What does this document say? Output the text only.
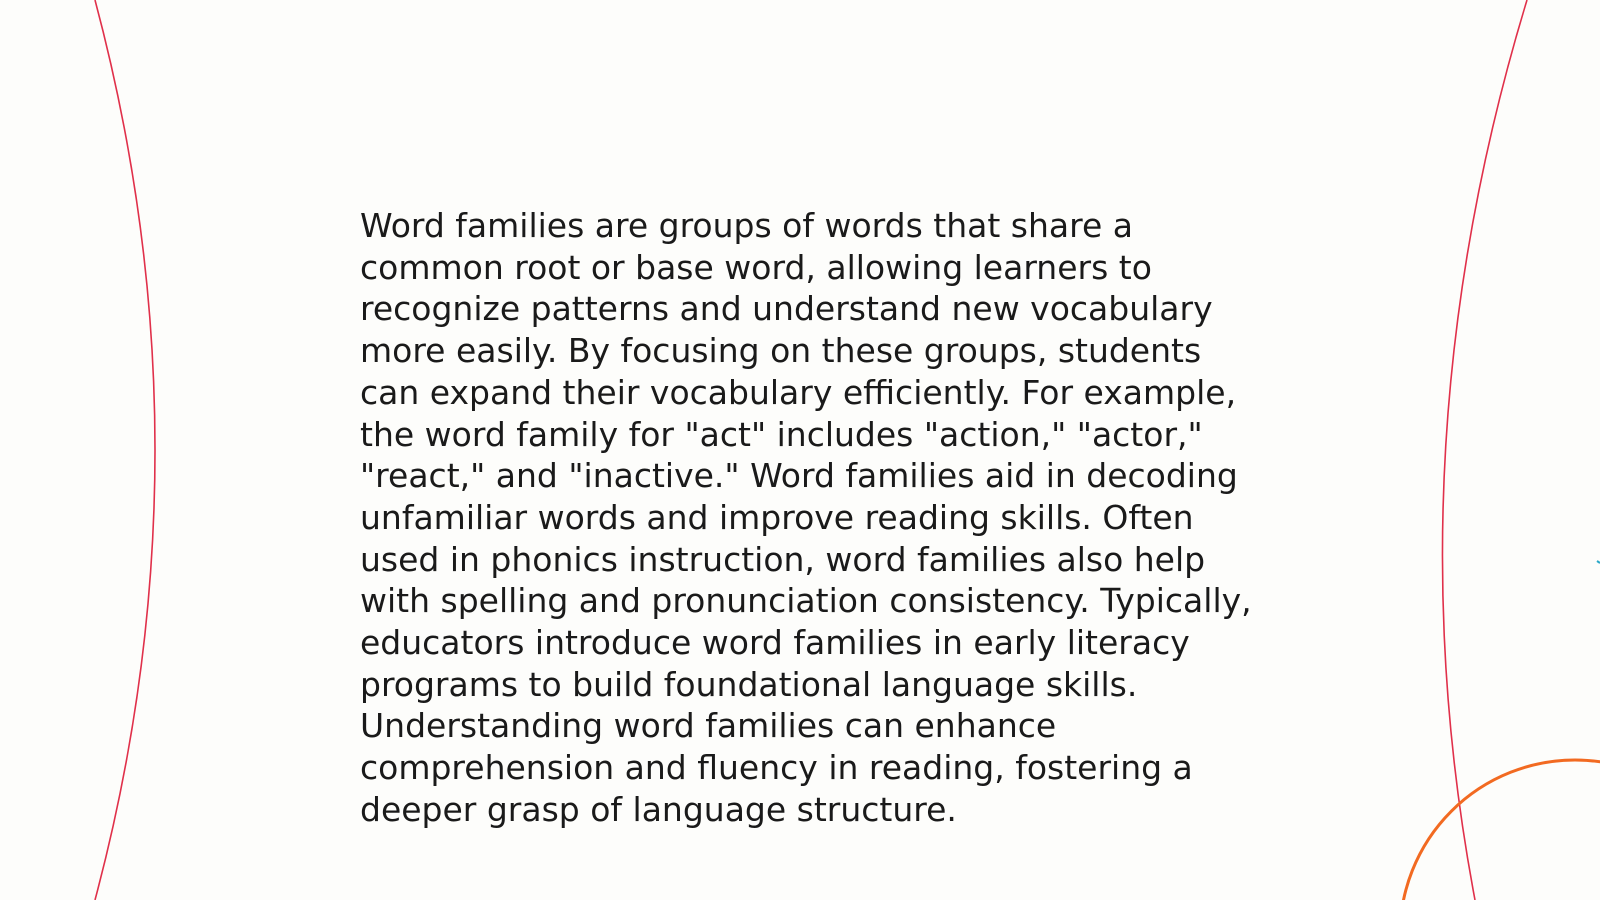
Word families are groups of words that share a
common root or base word, allowing learners to
recognize patterns and understand new vocabulary
more easily. By focusing on these groups, students
can expand their vocabulary efficiently. For example,
the word family for "act" includes "action," "actor,"
"react," and "inactive." Word families aid in decoding
unfamiliar words and improve reading skills. Often
used in phonics instruction, word families also help
with spelling and pronunciation consistency. Typically,
educators introduce word families in early literacy
programs to build foundational language skills.
Understanding word families can enhance
comprehension and fluency in reading, fostering a
deeper grasp of language structure.
